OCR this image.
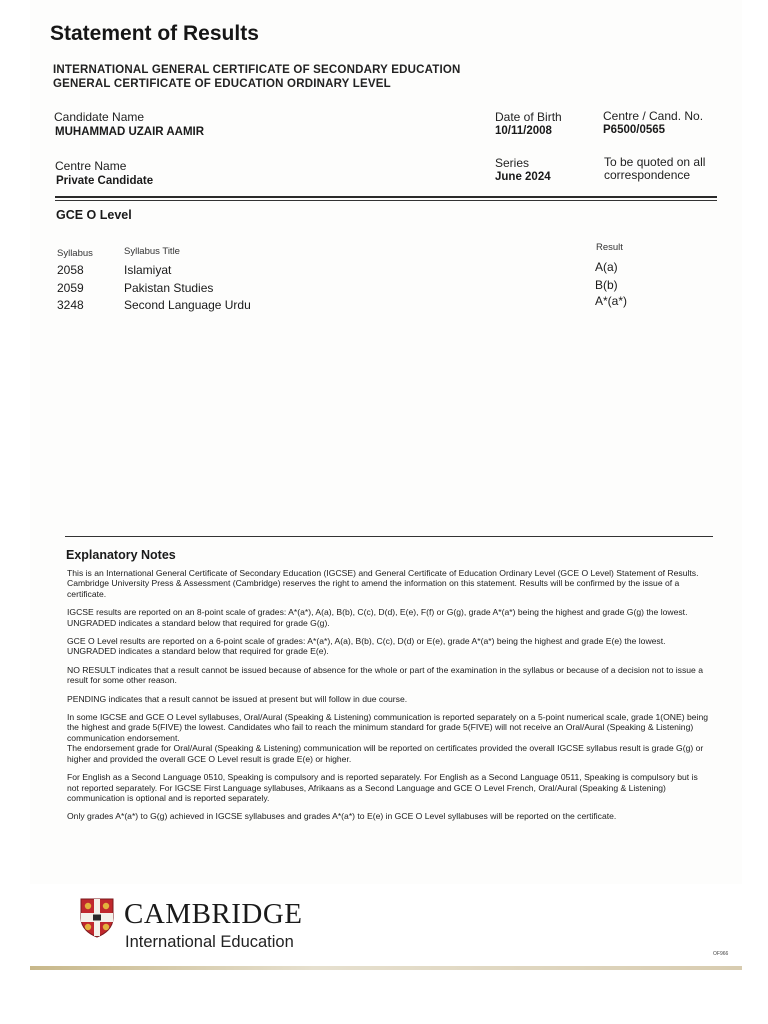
Statement of Results
INTERNATIONAL GENERAL CERTIFICATE OF SECONDARY EDUCATION
GENERAL CERTIFICATE OF EDUCATION ORDINARY LEVEL
Candidate Name
MUHAMMAD UZAIR AAMIR
Date of Birth
10/11/2008
Centre / Cand. No.
P6500/0565
Centre Name
Private Candidate
Series
June 2024
To be quoted on all
correspondence
GCE O Level
Syllabus	Syllabus Title	Result
2058	Islamiyat	A(a)
2059	Pakistan Studies	B(b)
3248	Second Language Urdu	A*(a*)
Explanatory Notes

This is an International General Certificate of Secondary Education (IGCSE) and General Certificate of Education Ordinary Level (GCE O Level) Statement of Results. Cambridge University Press & Assessment (Cambridge) reserves the right to amend the information on this statement. Results will be confirmed by the issue of a certificate.

IGCSE results are reported on an 8-point scale of grades: A*(a*), A(a), B(b), C(c), D(d), E(e), F(f) or G(g), grade A*(a*) being the highest and grade G(g) the lowest. UNGRADED indicates a standard below that required for grade G(g).

GCE O Level results are reported on a 6-point scale of grades: A*(a*), A(a), B(b), C(c), D(d) or E(e), grade A*(a*) being the highest and grade E(e) the lowest. UNGRADED indicates a standard below that required for grade E(e).

NO RESULT indicates that a result cannot be issued because of absence for the whole or part of the examination in the syllabus or because of a decision not to issue a result for some other reason.

PENDING indicates that a result cannot be issued at present but will follow in due course.

In some IGCSE and GCE O Level syllabuses, Oral/Aural (Speaking & Listening) communication is reported separately on a 5-point numerical scale, grade 1(ONE) being the highest and grade 5(FIVE) the lowest. Candidates who fail to reach the minimum standard for grade 5(FIVE) will not receive an Oral/Aural (Speaking & Listening) communication endorsement.

The endorsement grade for Oral/Aural (Speaking & Listening) communication will be reported on certificates provided the overall IGCSE syllabus result is grade G(g) or higher and provided the overall GCE O Level result is grade E(e) or higher.

For English as a Second Language 0510, Speaking is compulsory and is reported separately. For English as a Second Language 0511, Speaking is compulsory but is not reported separately. For IGCSE First Language syllabuses, Afrikaans as a Second Language and GCE O Level French, Oral/Aural (Speaking & Listening) communication is optional and is reported separately.

Only grades A*(a*) to G(g) achieved in IGCSE syllabuses and grades A*(a*) to E(e) in GCE O Level syllabuses will be reported on the certificate.

CAMBRIDGE
International Education
OF966
